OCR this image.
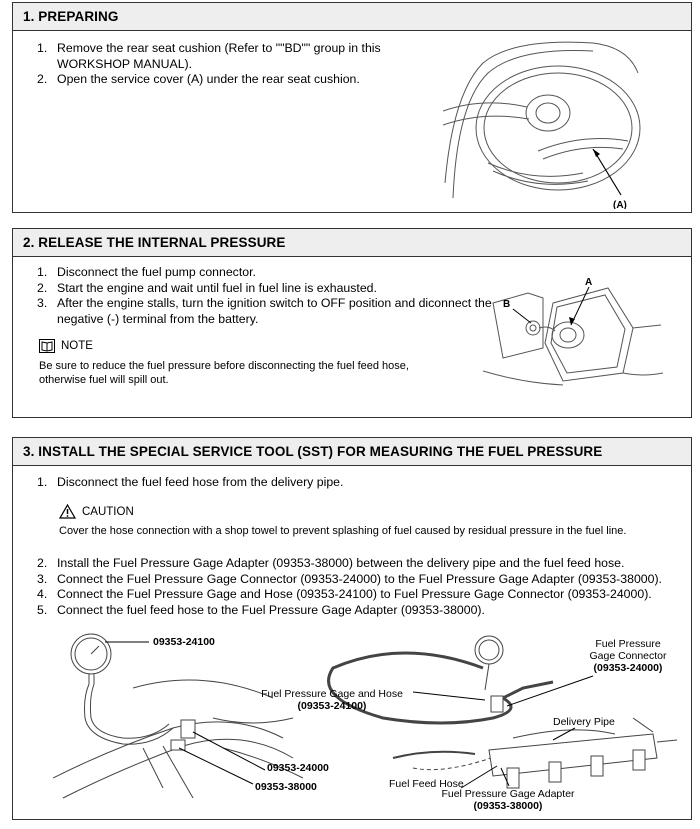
1. PREPARING
1. Remove the rear seat cushion (Refer to ""BD"" group in this WORKSHOP MANUAL).
2. Open the service cover (A) under the rear seat cushion.
(A)
2. RELEASE THE INTERNAL PRESSURE
1. Disconnect the fuel pump connector.
2. Start the engine and wait until fuel in fuel line is exhausted.
3. After the engine stalls, turn the ignition switch to OFF position and diconnect the negative (-) terminal from the battery.
NOTE
Be sure to reduce the fuel pressure before disconnecting the fuel feed hose, otherwise fuel will spill out.
B
A
3. INSTALL THE SPECIAL SERVICE TOOL (SST) FOR MEASURING THE FUEL PRESSURE
1. Disconnect the fuel feed hose from the delivery pipe.
CAUTION
Cover the hose connection with a shop towel to prevent splashing of fuel caused by residual pressure in the fuel line.
2. Install the Fuel Pressure Gage Adapter (09353-38000) between the delivery pipe and the fuel feed hose.
3. Connect the Fuel Pressure Gage Connector (09353-24000) to the Fuel Pressure Gage Adapter (09353-38000).
4. Connect the Fuel Pressure Gage and Hose (09353-24100) to Fuel Pressure Gage Connector (09353-24000).
5. Connect the fuel feed hose to the Fuel Pressure Gage Adapter (09353-38000).
09353-24100
09353-24000
09353-38000
Fuel Pressure Gage and Hose
(09353-24100)
Fuel Pressure
Gage Connector
(09353-24000)
Delivery Pipe
Fuel Feed Hose
Fuel Pressure Gage Adapter
(09353-38000)
